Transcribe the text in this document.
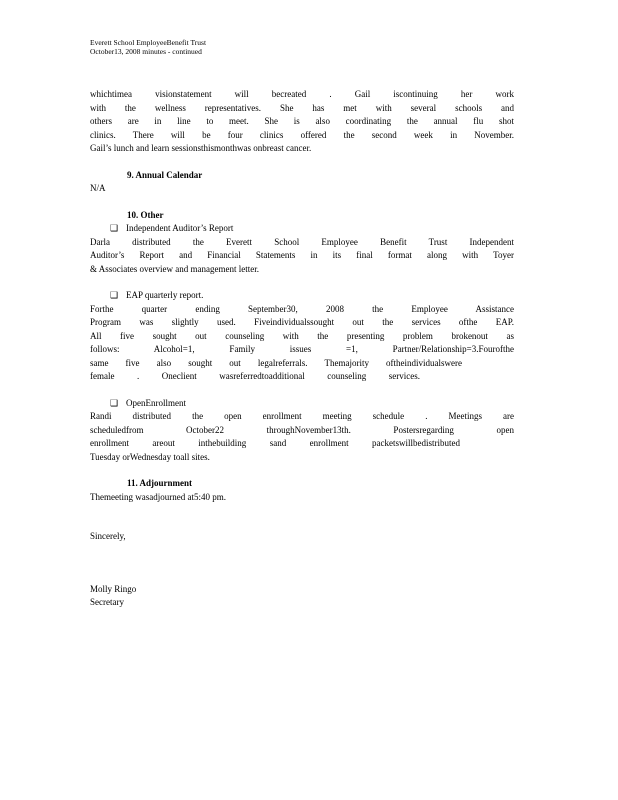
Everett School EmployeeBenefit Trust
October13, 2008 minutes - continued
whichtimea visionstatement will becreated . Gail iscontinuing her work
with the wellness representatives. She has met with several schools and
others are in line to meet. She is also coordinating the annual flu shot
clinics. There will be four clinics offered the second week in November.
Gail’s lunch and learn sessionsthismonthwas onbreast cancer.
9. Annual Calendar
N/A
10. Other
❑ Independent Auditor’s Report
Darla distributed the Everett School Employee Benefit Trust Independent
Auditor’s Report and Financial Statements in its final format along with Toyer
& Associates overview and management letter.
❑ EAP quarterly report.
Forthe quarter ending September30, 2008 the Employee Assistance
Program was slightly used. Fiveindividualssought out the services ofthe EAP.
All five sought out counseling with the presenting problem brokenout as
follows: Alcohol=1, Family issues =1, Partner/Relationship=3.Fourofthe
same five also sought out legalreferrals. Themajority oftheindividualswere
female . Oneclient wasreferredtoadditional counseling services.
❑ OpenEnrollment
Randi distributed the open enrollment meeting schedule . Meetings are
scheduledfrom October22 throughNovember13th. Postersregarding open
enrollment areout inthebuilding sand enrollment packetswillbedistributed
Tuesday orWednesday toall sites.
11. Adjournment
Themeeting wasadjourned at5:40 pm.
Sincerely,
Molly Ringo
Secretary
